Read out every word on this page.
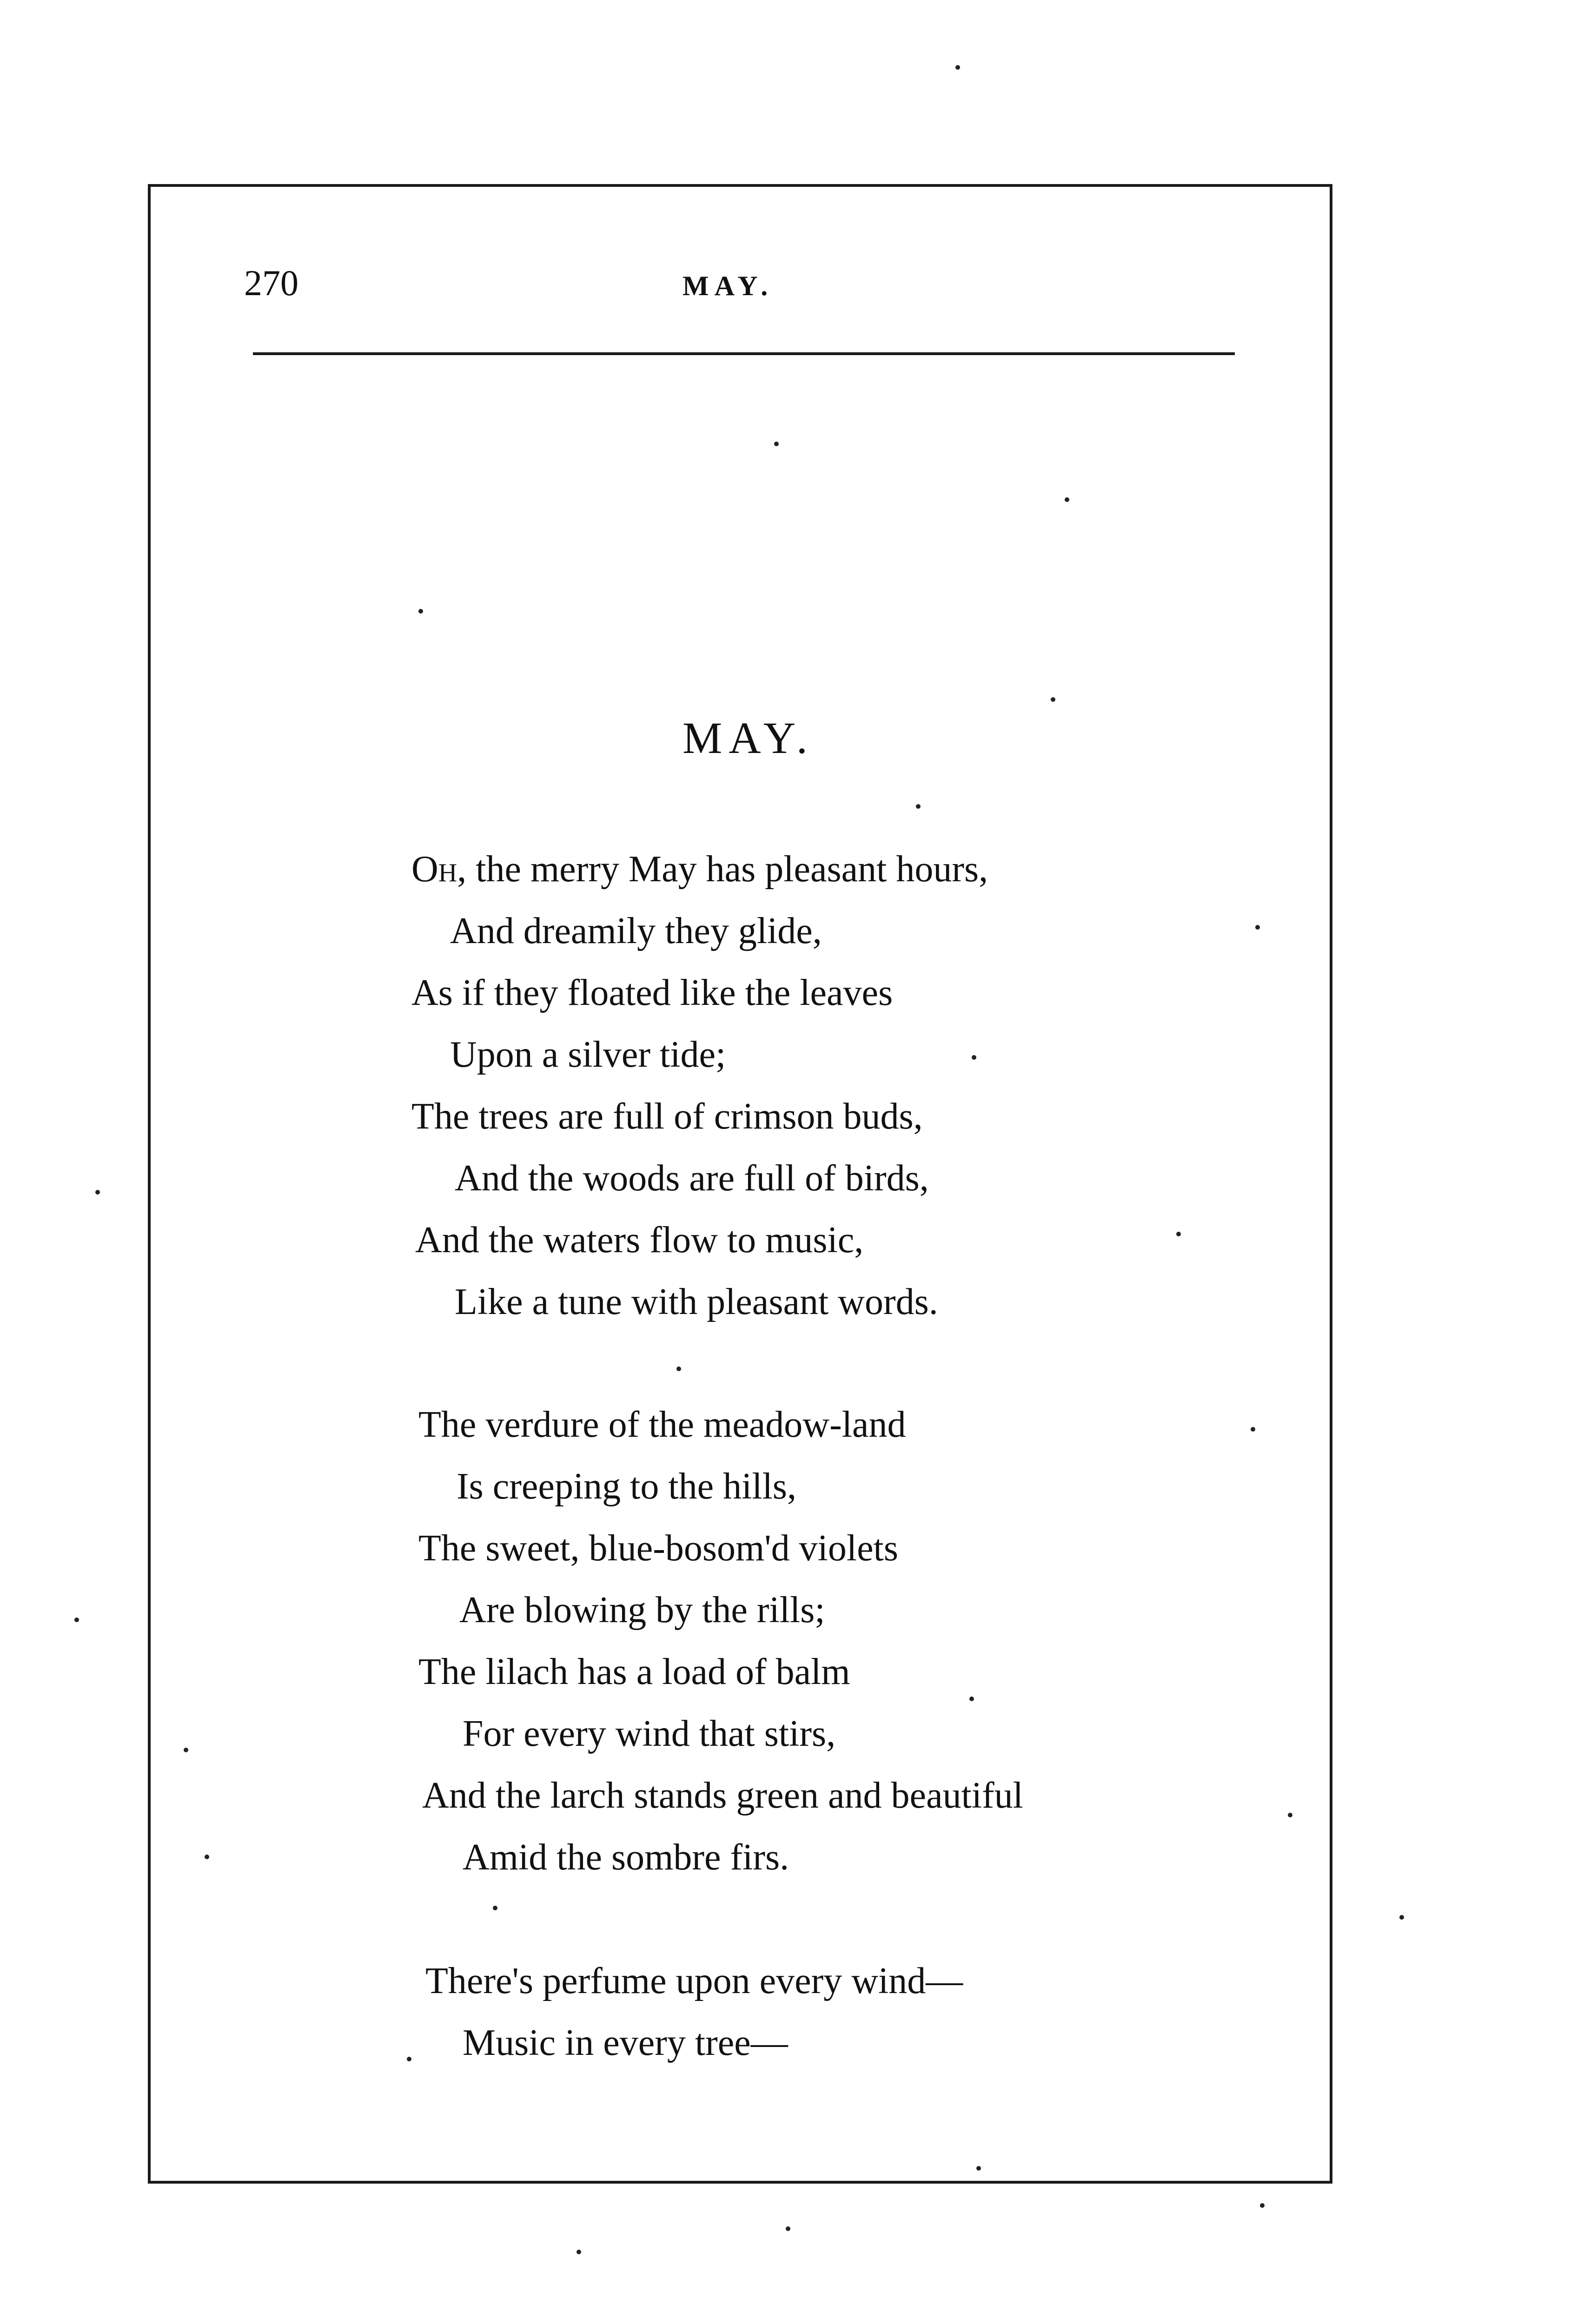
270	MAY.
MAY.
Oh, the merry May has pleasant hours,
And dreamily they glide,
As if they floated like the leaves
Upon a silver tide;
The trees are full of crimson buds,
And the woods are full of birds,
And the waters flow to music,
Like a tune with pleasant words.
The verdure of the meadow-land
Is creeping to the hills,
The sweet, blue-bosom'd violets
Are blowing by the rills;
The lilach has a load of balm
For every wind that stirs,
And the larch stands green and beautiful
Amid the sombre firs.
There's perfume upon every wind—
Music in every tree—
